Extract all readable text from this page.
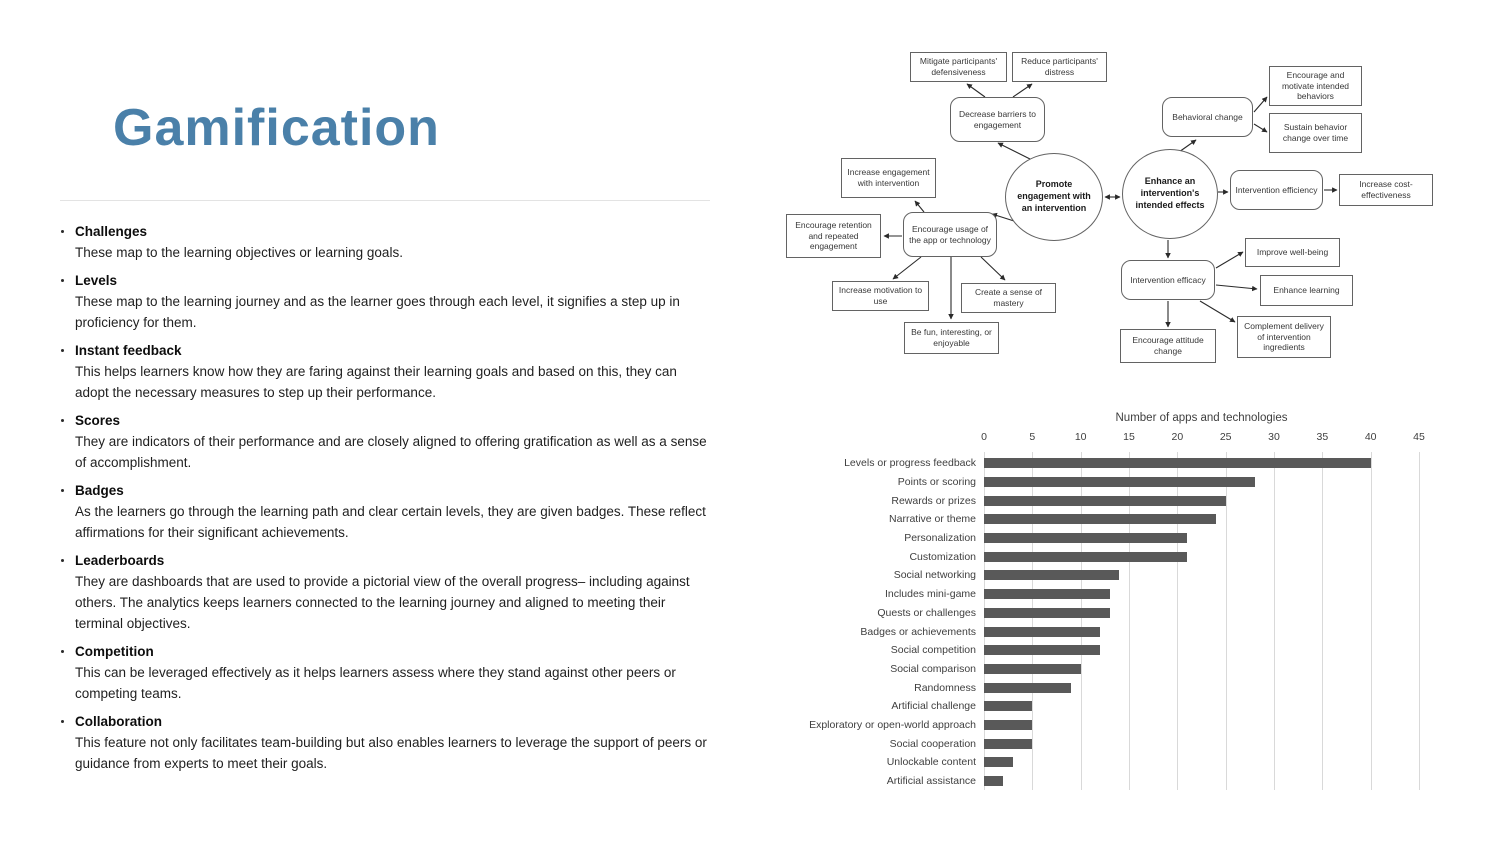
Gamification
Challenges
These map to the learning objectives or learning goals.
Levels
These map to the learning journey and as the learner goes through each level, it signifies a step up in proficiency for them.
Instant feedback
This helps learners know how they are faring against their learning goals and based on this, they can adopt the necessary measures to step up their performance.
Scores
They are indicators of their performance and are closely aligned to offering gratification as well as a sense of accomplishment.
Badges
As the learners go through the learning path and clear certain levels, they are given badges. These reflect affirmations for their significant achievements.
Leaderboards
They are dashboards that are used to provide a pictorial view of the overall progress– including against others. The analytics keeps learners connected to the learning journey and aligned to meeting their terminal objectives.
Competition
This can be leveraged effectively as it helps learners assess where they stand against other peers or competing teams.
Collaboration
This feature not only facilitates team-building but also enables learners to leverage the support of peers or guidance from experts to meet their goals.
Mitigate participants' defensiveness
Reduce participants' distress
Decrease barriers to engagement
Behavioral change
Encourage and motivate intended behaviors
Sustain behavior change over time
Increase engagement with intervention	Promote engagement with an intervention
Enhance an intervention's intended effects
Intervention efficiency
Increase cost-effectiveness
Encourage retention and repeated engagement
Encourage usage of the app or technology
Increase motivation to use
Create a sense of mastery
Be fun, interesting, or enjoyable
Intervention efficacy
Improve well-being
Enhance learning
Complement delivery of intervention ingredients
Encourage attitude change
Number of apps and technologies
0	5	10	15	20	25	30	35	40	45
Levels or progress feedback
Points or scoring
Rewards or prizes
Narrative or theme
Personalization
Customization
Social networking
Includes mini-game
Quests or challenges
Badges or achievements
Social competition
Social comparison
Randomness
Artificial challenge
Exploratory or open-world approach
Social cooperation
Unlockable content
Artificial assistance
